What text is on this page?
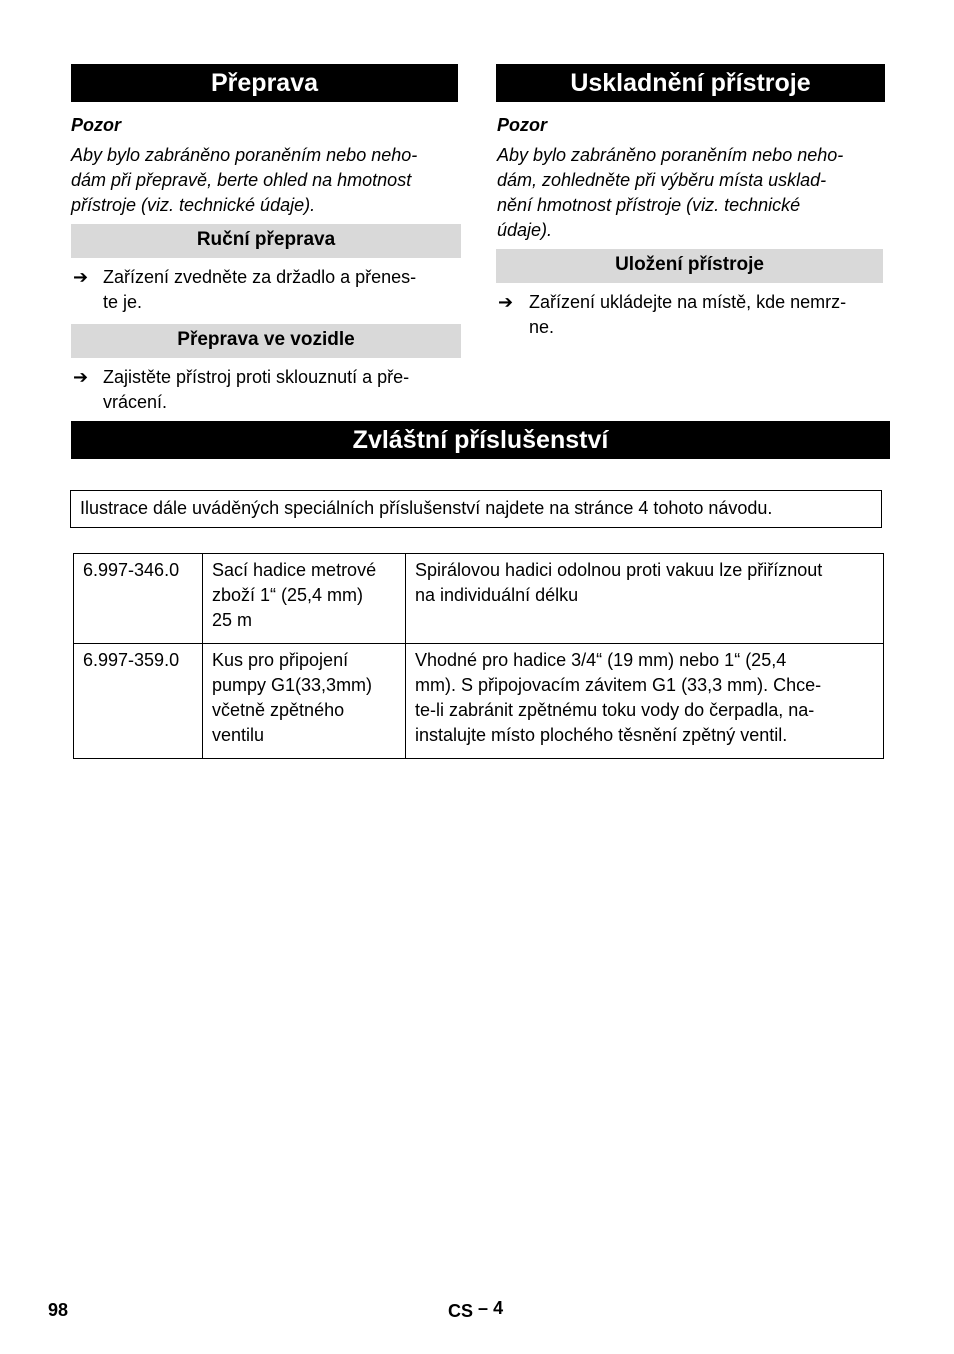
Přeprava
Pozor
Aby bylo zabráněno poraněním nebo neho-
dám při přepravě, berte ohled na hmotnost
přístroje (viz. technické údaje).
Ruční přeprava
➔ Zařízení zvedněte za držadlo a přenes-
te je.
Přeprava ve vozidle
➔ Zajistěte přístroj proti sklouznutí a pře-
vrácení.
Uskladnění přístroje
Pozor
Aby bylo zabráněno poraněním nebo neho-
dám, zohledněte při výběru místa usklad-
nění hmotnost přístroje (viz. technické
údaje).
Uložení přístroje
➔ Zařízení ukládejte na místě, kde nemrz-
ne.
Zvláštní příslušenství
Ilustrace dále uváděných speciálních příslušenství najdete na stránce 4 tohoto návodu.
6.997-346.0	Sací hadice metrové
zboží 1“ (25,4 mm)
25 m	Spirálovou hadici odolnou proti vakuu lze přiříznout
na individuální délku

6.997-359.0	Kus pro připojení
pumpy G1(33,3mm)
včetně zpětného
ventilu	Vhodné pro hadice 3/4“ (19 mm) nebo 1“ (25,4
mm). S připojovacím závitem G1 (33,3 mm). Chce-
te-li zabránit zpětnému toku vody do čerpadla, na-
instalujte místo plochého těsnění zpětný ventil.
98	CS – 4
